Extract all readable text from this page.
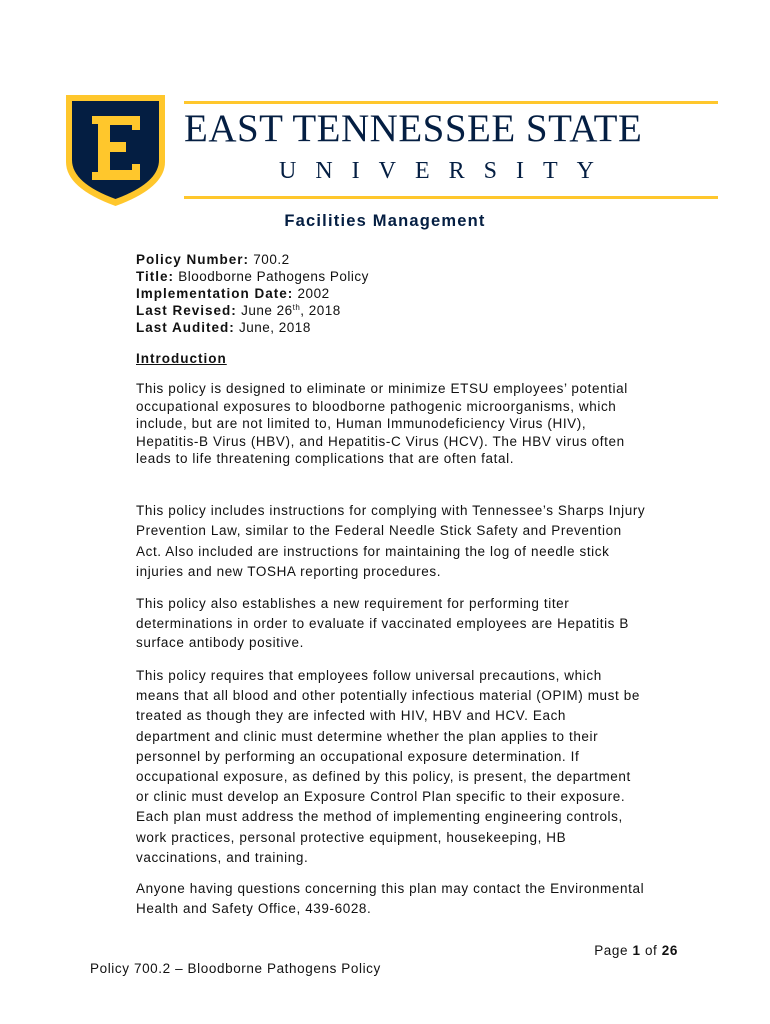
EAST TENNESSEE STATE
UNIVERSITY
Facilities Management
Policy Number: 700.2
Title: Bloodborne Pathogens Policy
Implementation Date: 2002
Last Revised: June 26th, 2018
Last Audited: June, 2018
Introduction
This policy is designed to eliminate or minimize ETSU employees’ potential
occupational exposures to bloodborne pathogenic microorganisms, which
include, but are not limited to, Human Immunodeficiency Virus (HIV),
Hepatitis-B Virus (HBV), and Hepatitis-C Virus (HCV). The HBV virus often
leads to life threatening complications that are often fatal.
This policy includes instructions for complying with Tennessee’s Sharps Injury
Prevention Law, similar to the Federal Needle Stick Safety and Prevention
Act. Also included are instructions for maintaining the log of needle stick
injuries and new TOSHA reporting procedures.
This policy also establishes a new requirement for performing titer
determinations in order to evaluate if vaccinated employees are Hepatitis B
surface antibody positive.
This policy requires that employees follow universal precautions, which
means that all blood and other potentially infectious material (OPIM) must be
treated as though they are infected with HIV, HBV and HCV. Each
department and clinic must determine whether the plan applies to their
personnel by performing an occupational exposure determination. If
occupational exposure, as defined by this policy, is present, the department
or clinic must develop an Exposure Control Plan specific to their exposure.
Each plan must address the method of implementing engineering controls,
work practices, personal protective equipment, housekeeping, HB
vaccinations, and training.
Anyone having questions concerning this plan may contact the Environmental
Health and Safety Office, 439-6028.
Page 1 of 26
Policy 700.2 – Bloodborne Pathogens Policy
